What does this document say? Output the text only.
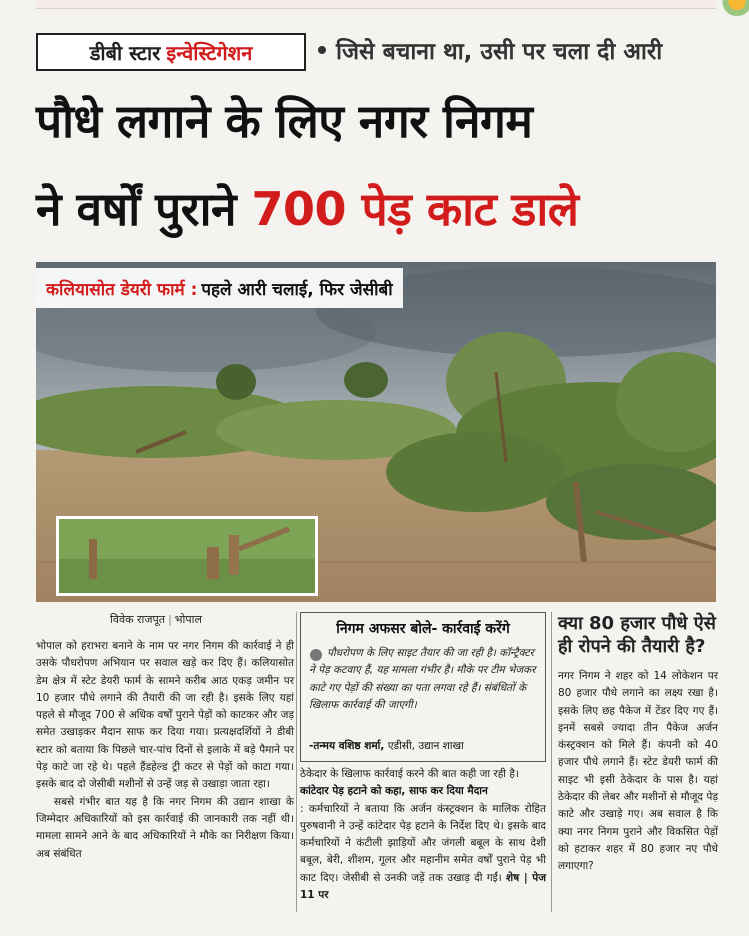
डीबी स्टार इन्वेस्टिगेशन	जिसे बचाना था, उसी पर चला दी आरी
पौधे लगाने के लिए नगर निगम
ने वर्षों पुराने 700 पेड़ काट डाले
कलियासोत डेयरी फार्म : पहले आरी चलाई, फिर जेसीबी
विवेक राजपूत | भोपाल

भोपाल को हराभरा बनाने के नाम पर नगर निगम की कार्रवाई ने ही उसके पौधरोपण अभियान पर सवाल खड़े कर दिए हैं। कलियासोत डेम क्षेत्र में स्टेट डेयरी फार्म के सामने करीब आठ एकड़ जमीन पर 10 हजार पौधे लगाने की तैयारी की जा रही है। इसके लिए यहां पहले से मौजूद 700 से अधिक वर्षों पुराने पेड़ों को काटकर और जड़ समेत उखाड़कर मैदान साफ कर दिया गया। प्रत्यक्षदर्शियों ने डीबी स्टार को बताया कि पिछले चार-पांच दिनों से इलाके में बड़े पैमाने पर पेड़ काटे जा रहे थे। पहले हैंडहेल्ड ट्री कटर से पेड़ों को काटा गया। इसके बाद दो जेसीबी मशीनों से उन्हें जड़ से उखाड़ा जाता रहा।

सबसे गंभीर बात यह है कि नगर निगम की उद्यान शाखा के जिम्मेदार अधिकारियों को इस कार्रवाई की जानकारी तक नहीं थी। मामला सामने आने के बाद अधिकारियों ने मौके का निरीक्षण किया। अब संबंधित

निगम अफसर बोले- कार्रवाई करेंगे
पौधरोपण के लिए साइट तैयार की जा रही है। कॉन्ट्रैक्टर ने पेड़ कटवाए हैं, यह मामला गंभीर है। मौके पर टीम भेजकर काटे गए पेड़ों की संख्या का पता लगवा रहे हैं। संबंधितों के खिलाफ कार्रवाई की जाएगी।
-तन्मय वशिष्ठ शर्मा, एडीसी, उद्यान शाखा

ठेकेदार के खिलाफ कार्रवाई करने की बात कही जा रही है।

कांटेदार पेड़ हटाने को कहा, साफ कर दिया मैदान

: कर्मचारियों ने बताया कि अर्जन कंस्ट्रक्शन के मालिक रोहित पुरुषवानी ने उन्हें कांटेदार पेड़ हटाने के निर्देश दिए थे। इसके बाद कर्मचारियों ने कंटीली झाड़ियों और जंगली बबूल के साथ देशी बबूल, बेरी, शीशम, गूलर और महानीम समेत वर्षों पुराने पेड़ भी काट दिए। जेसीबी से उनकी जड़ें तक उखाड़ दी गईं। शेष | पेज 11 पर

क्या 80 हजार पौधे ऐसे ही रोपने की तैयारी है?

नगर निगम ने शहर को 14 लोकेशन पर 80 हजार पौधे लगाने का लक्ष्य रखा है। इसके लिए छह पैकेज में टेंडर दिए गए हैं। इनमें सबसे ज्यादा तीन पैकेज अर्जन कंस्ट्रक्शन को मिले हैं। कंपनी को 40 हजार पौधे लगाने हैं। स्टेट डेयरी फार्म की साइट भी इसी ठेकेदार के पास है। यहां ठेकेदार की लेबर और मशीनों से मौजूद पेड़ काटे और उखाड़े गए। अब सवाल है कि क्या नगर निगम पुराने और विकसित पेड़ों को हटाकर शहर में 80 हजार नए पौधे लगाएगा?
